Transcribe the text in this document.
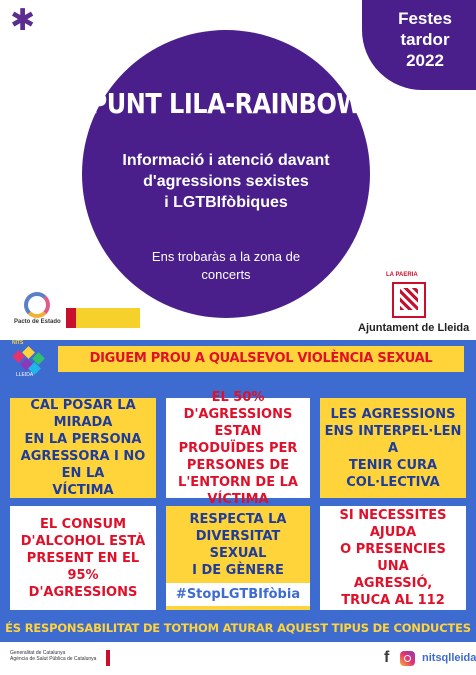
✱	Festes
tardor
2022
PUNT LILA-RAINBOW
Informació i atenció davant
d'agressions sexistes
i LGTBIfòbiques
Ens trobaràs a la zona de
concerts
Pacto de Estado
LA PAERIA
Ajuntament de Lleida
NITS
LLEIDA
DIGUEM PROU A QUALSEVOL VIOLÈNCIA SEXUAL
CAL POSAR LA MIRADA
EN LA PERSONA
AGRESSORA I NO EN LA
VÍCTIMA
EL 50% D'AGRESSIONS
ESTAN PRODUÏDES PER
PERSONES DE
L'ENTORN DE LA
VÍCTIMA
LES AGRESSIONS
ENS INTERPEL·LEN A
TENIR CURA
COL·LECTIVA
EL CONSUM
D'ALCOHOL ESTÀ
PRESENT EN EL 95%
D'AGRESSIONS
RESPECTA LA
DIVERSITAT SEXUAL
I DE GÈNERE
#StopLGTBIfòbia
SI NECESSITES AJUDA
O PRESENCIES UNA
AGRESSIÓ,
TRUCA AL 112
ÉS RESPONSABILITAT DE TOTHOM ATURAR AQUEST TIPUS DE CONDUCTES
Generalitat de Catalunya
Agència de Salut Pública de Catalunya	f	nitsqlleida
